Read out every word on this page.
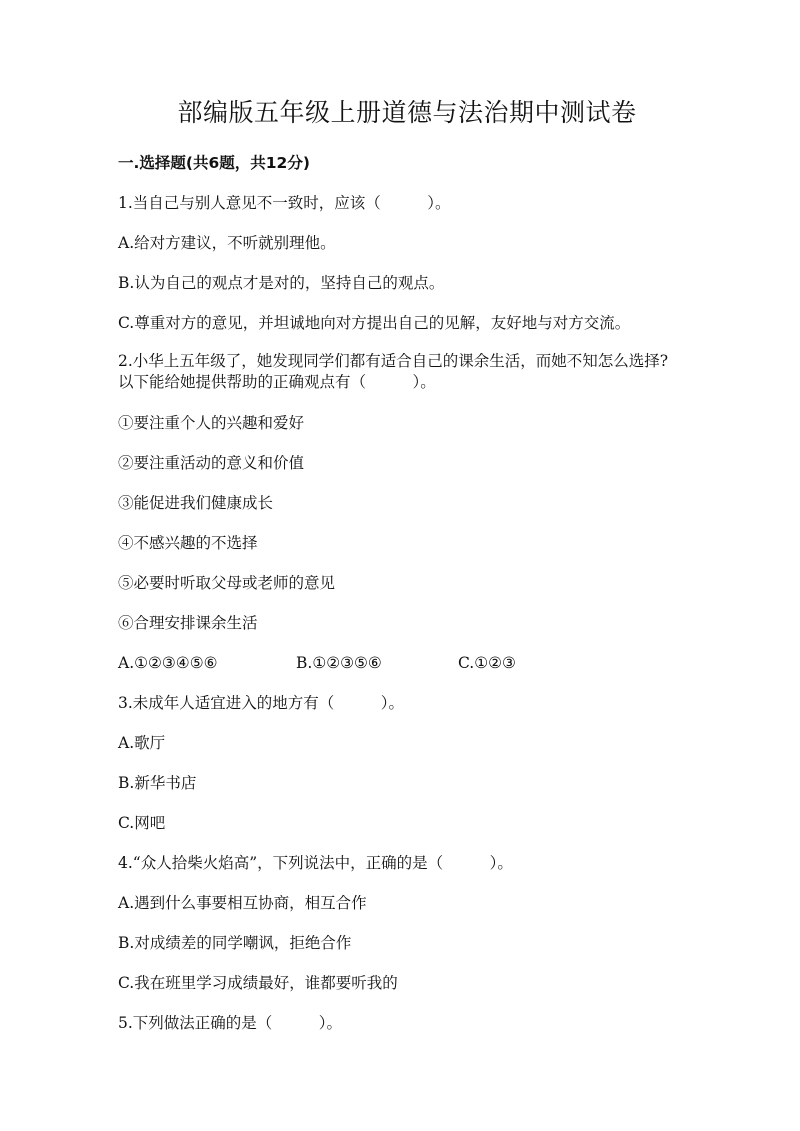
部编版五年级上册道德与法治期中测试卷
一.选择题(共6题，共12分)
1.当自己与别人意见不一致时，应该（　　　）。
A.给对方建议，不听就别理他。
B.认为自己的观点才是对的，坚持自己的观点。
C.尊重对方的意见，并坦诚地向对方提出自己的见解，友好地与对方交流。
2.小华上五年级了，她发现同学们都有适合自己的课余生活，而她不知怎么选择?以下能给她提供帮助的正确观点有（　　　）。
①要注重个人的兴趣和爱好
②要注重活动的意义和价值
③能促进我们健康成长
④不感兴趣的不选择
⑤必要时听取父母或老师的意见
⑥合理安排课余生活
A.①②③④⑤⑥	B.①②③⑤⑥	C.①②③
3.未成年人适宜进入的地方有（　　　）。
A.歌厅
B.新华书店
C.网吧
4.“众人拾柴火焰高”，下列说法中，正确的是（　　　）。
A.遇到什么事要相互协商，相互合作
B.对成绩差的同学嘲讽，拒绝合作
C.我在班里学习成绩最好，谁都要听我的
5.下列做法正确的是（　　　）。
